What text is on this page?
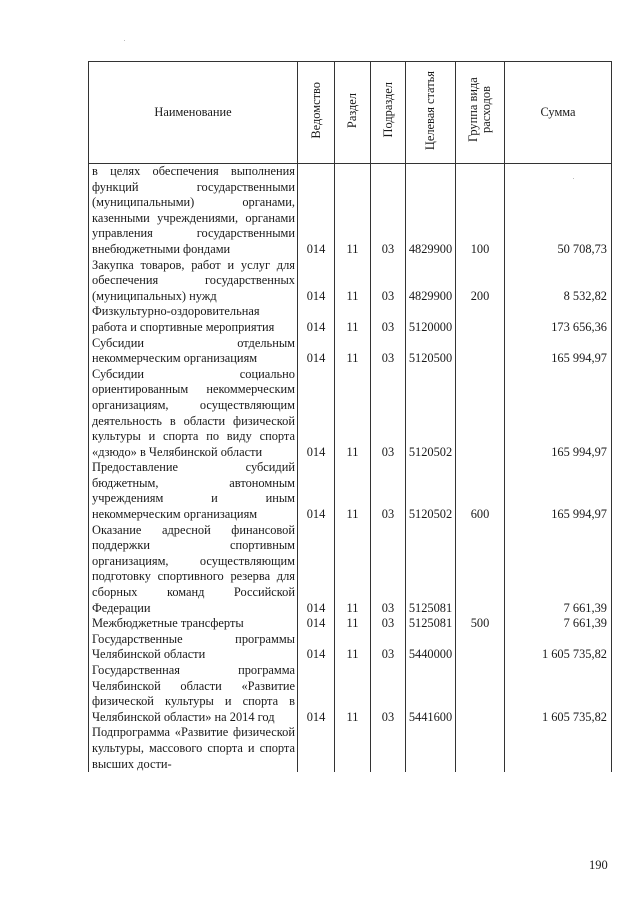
Наименование	Ведомство	Раздел	Подраздел	Целевая статья	Группа вида расходов	Сумма
в целях обеспечения выполнения функций государственными (муниципальными) органами, казенными учреждениями, органами управления государственными внебюджетными фондами	014	11	03	4829900	100	50 708,73
Закупка товаров, работ и услуг для обеспечения государственных (муниципальных) нужд	014	11	03	4829900	200	8 532,82
Физкультурно-оздоровительная работа и спортивные мероприятия	014	11	03	5120000		173 656,36
Субсидии отдельным некоммерческим организациям	014	11	03	5120500		165 994,97
Субсидии социально ориентированным некоммерческим организациям, осуществляющим деятельность в области физической культуры и спорта по виду спорта «дзюдо» в Челябинской области	014	11	03	5120502		165 994,97
Предоставление субсидий бюджетным, автономным учреждениям и иным некоммерческим организациям	014	11	03	5120502	600	165 994,97
Оказание адресной финансовой поддержки спортивным организациям, осуществляющим подготовку спортивного резерва для сборных команд Российской Федерации	014	11	03	5125081		7 661,39
Межбюджетные трансферты	014	11	03	5125081	500	7 661,39
Государственные программы Челябинской области	014	11	03	5440000		1 605 735,82
Государственная программа Челябинской области «Развитие физической культуры и спорта в Челябинской области» на 2014 год	014	11	03	5441600		1 605 735,82
Подпрограмма «Развитие физической культуры, массового спорта и спорта высших дости-						
190
